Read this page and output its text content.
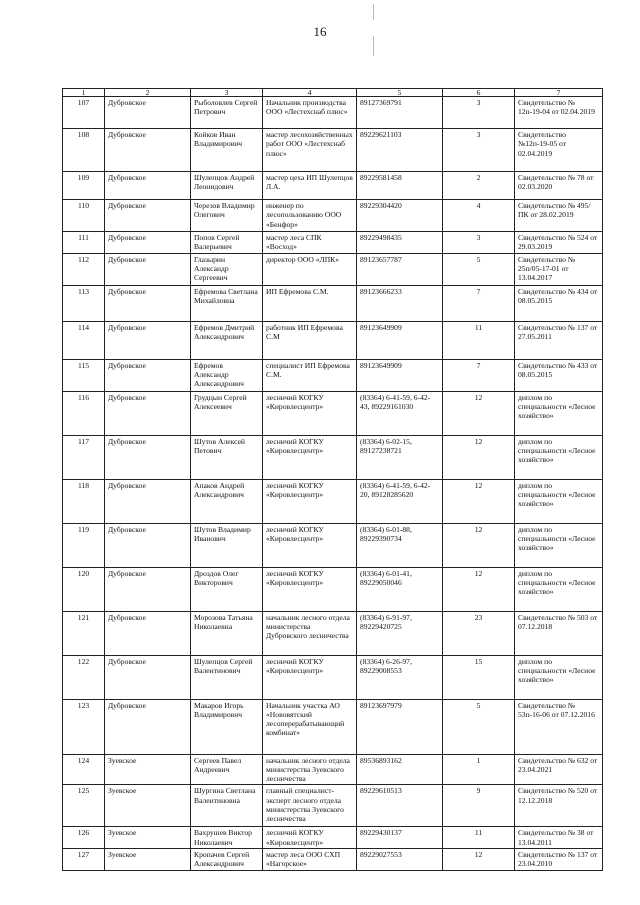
16
1	2	3	4	5	6	7
107	Дубровское	Рыболовлев Сергей Петрович	Начальник производства ООО «Лестехснаб плюс»	89127369791	3	Свидетельство № 12п-19-04 от 02.04.2019
108	Дубровское	Койков Иван Владимирович	мастер лесохозяйственных работ ООО «Лестехснаб плюс»	89229621103	3	Свидетельство №12п-19-05 от 02.04.2019
109	Дубровское	Шулепцов Андрей Леонидович	мастер цеха ИП Шулепцов Л.А.	89229581458	2	Свидетельство № 78 от 02.03.2020
110	Дубровское	Черезов Владимир Олегович	инженер по лесопользованию ООО «Бенфор»	89229304420	4	Свидетельство № 495/ПК от 28.02.2019
111	Дубровское	Попов Сергей Валерьевич	мастер леса СПК «Восход»	89229498435	3	Свидетельство № 524 от 29.03.2019
112	Дубровское	Глазырин Александр Сергеевич	директор ООО «ЛПК»	89123657787	5	Свидетельство № 25п/05-17-01 от 13.04.2017
113	Дубровское	Ефремова Светлана Михайловна	ИП Ефремова С.М.	89123666233	7	Свидетельство № 434 от 08.05.2015
114	Дубровское	Ефремов Дмитрий Александрович	работник ИП Ефремова С.М	89123649909	11	Свидетельство № 137 от 27.05.2011
115	Дубровское	Ефремов Александр Александрович	специалист ИП Ефремова С.М.	89123649909	7	Свидетельство № 433 от 08.05.2015
116	Дубровское	Грудцын Сергей Алексеевич	лесничий КОГКУ «Кировлесцентр»	(83364) 6-41-59, 6-42-43, 89229161030	12	диплом по специальности «Лесное хозяйство»
117	Дубровское	Шутов Алексей Петович	лесничий КОГКУ «Кировлесцентр»	(83364) 6-02-15, 89127238721	12	диплом по специальности «Лесное хозяйство»
118	Дубровское	Апаков Андрей Александрович	лесничий КОГКУ «Кировлесцентр»	(83364) 6-41-59, 6-42-20, 89128285620	12	диплом по специальности «Лесное хозяйство»
119	Дубровское	Шутов Владимир Иванович	лесничий КОГКУ «Кировлесцентр»	(83364) 6-01-88, 89229390734	12	диплом по специальности «Лесное хозяйство»
120	Дубровское	Дроздов Олег Викторович	лесничий КОГКУ «Кировлесцентр»	(83364) 6-01-41, 89229050046	12	диплом по специальности «Лесное хозяйство»
121	Дубровское	Морозова Татьяна Николаевна	начальник лесного отдела министерства Дубровского лесничества	(83364) 6-91-97, 89229420725	23	Свидетельство № 503 от 07.12.2018
122	Дубровское	Шулепцов Сергей Валентинович	лесничий КОГКУ «Кировлесцентр»	(83364) 6-26-97, 89229008553	15	диплом по специальности «Лесное хозяйство»
123	Дубровское	Макаров Игорь Владимирович	Начальник участка АО «Нововятский лесоперерабатывающий комбинат»	89123697979	5	Свидетельство № 53п-16-06 от 07.12.2016
124	Зуевское	Сергеев Павел Андреевич	начальник лесного отдела министерства Зуевского лесничества	89536893162	1	Свидетельство № 632 от 23.04.2021
125	Зуевское	Шургина Светлана Валентиновна	главный специалист-эксперт лесного отдела министерства Зуевского лесничества	89229610513	9	Свидетельство № 520 от 12.12.2018
126	Зуевское	Вахрушев Виктор Николаевич	лесничий КОГКУ «Кировлесцентр»	89229430137	11	Свидетельство № 38 от 13.04.2011
127	Зуевское	Кропачев Сергей Александрович	мастер леса ООО СХП «Нагорское»	89229027553	12	Свидетельство № 137 от 23.04.2010
